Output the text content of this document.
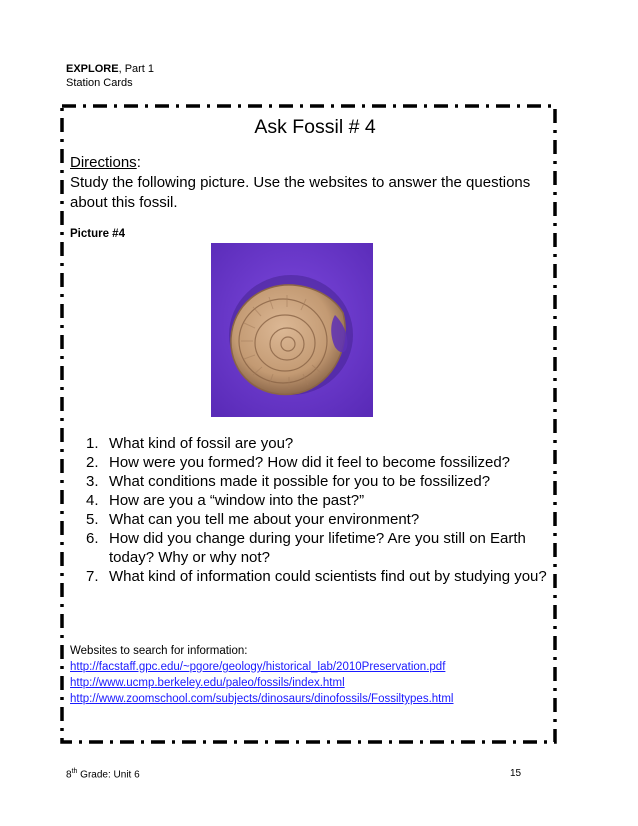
EXPLORE, Part 1
Station Cards
Ask Fossil # 4
Directions:
Study the following picture. Use the websites to answer the questions about this fossil.
Picture #4
1. What kind of fossil are you?
2. How were you formed? How did it feel to become fossilized?
3. What conditions made it possible for you to be fossilized?
4. How are you a “window into the past?”
5. What can you tell me about your environment?
6. How did you change during your lifetime? Are you still on Earth today? Why or why not?
7. What kind of information could scientists find out by studying you?
Websites to search for information:
http://facstaff.gpc.edu/~pgore/geology/historical_lab/2010Preservation.pdf
http://www.ucmp.berkeley.edu/paleo/fossils/index.html
http://www.zoomschool.com/subjects/dinosaurs/dinofossils/Fossiltypes.html
8th Grade: Unit 6	15
